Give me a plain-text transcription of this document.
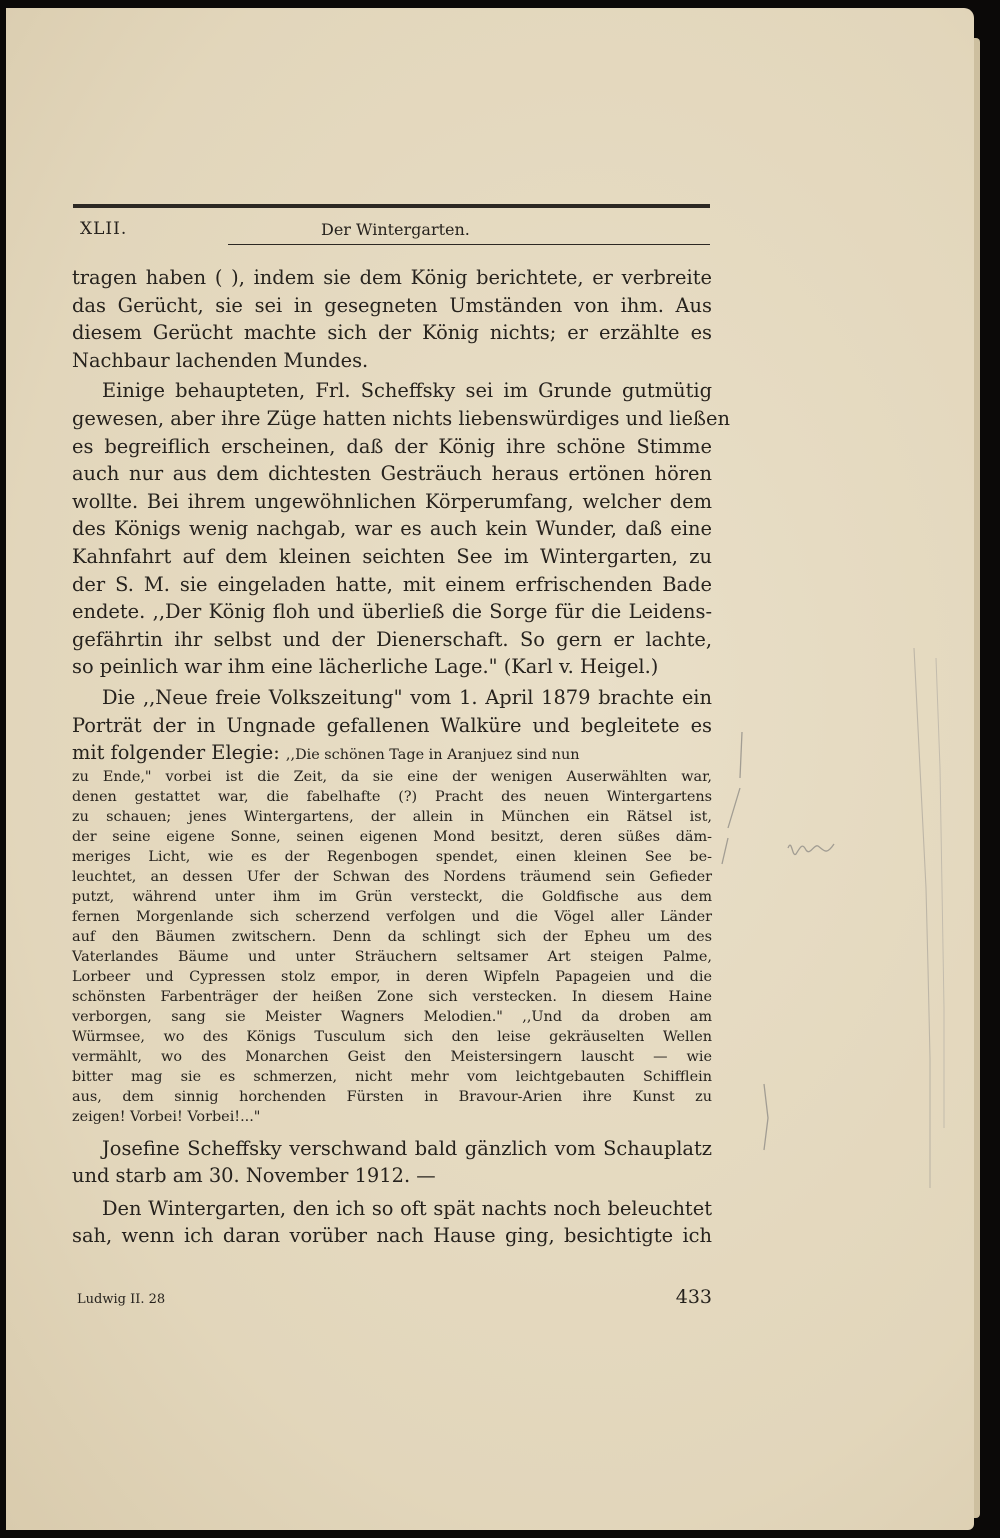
XLII.	Der Wintergarten.
tragen haben ( ), indem sie dem König berichtete, er verbreite
das Gerücht, sie sei in gesegneten Umständen von ihm. Aus
diesem Gerücht machte sich der König nichts; er erzählte es
Nachbaur lachenden Mundes.
Einige behaupteten, Frl. Scheffsky sei im Grunde gutmütig
gewesen, aber ihre Züge hatten nichts liebenswürdiges und ließen
es begreiflich erscheinen, daß der König ihre schöne Stimme
auch nur aus dem dichtesten Gesträuch heraus ertönen hören
wollte. Bei ihrem ungewöhnlichen Körperumfang, welcher dem
des Königs wenig nachgab, war es auch kein Wunder, daß eine
Kahnfahrt auf dem kleinen seichten See im Wintergarten, zu
der S. M. sie eingeladen hatte, mit einem erfrischenden Bade
endete. ,,Der König floh und überließ die Sorge für die Leidens-
gefährtin ihr selbst und der Dienerschaft. So gern er lachte,
so peinlich war ihm eine lächerliche Lage." (Karl v. Heigel.)
Die ,,Neue freie Volkszeitung" vom 1. April 1879 brachte ein
Porträt der in Ungnade gefallenen Walküre und begleitete es
mit folgender Elegie: ,,Die schönen Tage in Aranjuez sind nun
zu Ende," vorbei ist die Zeit, da sie eine der wenigen Auserwählten war,
denen gestattet war, die fabelhafte (?) Pracht des neuen Wintergartens
zu schauen; jenes Wintergartens, der allein in München ein Rätsel ist,
der seine eigene Sonne, seinen eigenen Mond besitzt, deren süßes däm-
meriges Licht, wie es der Regenbogen spendet, einen kleinen See be-
leuchtet, an dessen Ufer der Schwan des Nordens träumend sein Gefieder
putzt, während unter ihm im Grün versteckt, die Goldfische aus dem
fernen Morgenlande sich scherzend verfolgen und die Vögel aller Länder
auf den Bäumen zwitschern. Denn da schlingt sich der Epheu um des
Vaterlandes Bäume und unter Sträuchern seltsamer Art steigen Palme,
Lorbeer und Cypressen stolz empor, in deren Wipfeln Papageien und die
schönsten Farbenträger der heißen Zone sich verstecken. In diesem Haine
verborgen, sang sie Meister Wagners Melodien." ,,Und da droben am
Würmsee, wo des Königs Tusculum sich den leise gekräuselten Wellen
vermählt, wo des Monarchen Geist den Meistersingern lauscht — wie
bitter mag sie es schmerzen, nicht mehr vom leichtgebauten Schifflein
aus, dem sinnig horchenden Fürsten in Bravour-Arien ihre Kunst zu
zeigen! Vorbei! Vorbei!..."
Josefine Scheffsky verschwand bald gänzlich vom Schauplatz
und starb am 30. November 1912. —
Den Wintergarten, den ich so oft spät nachts noch beleuchtet
sah, wenn ich daran vorüber nach Hause ging, besichtigte ich
Ludwig II. 28	433
